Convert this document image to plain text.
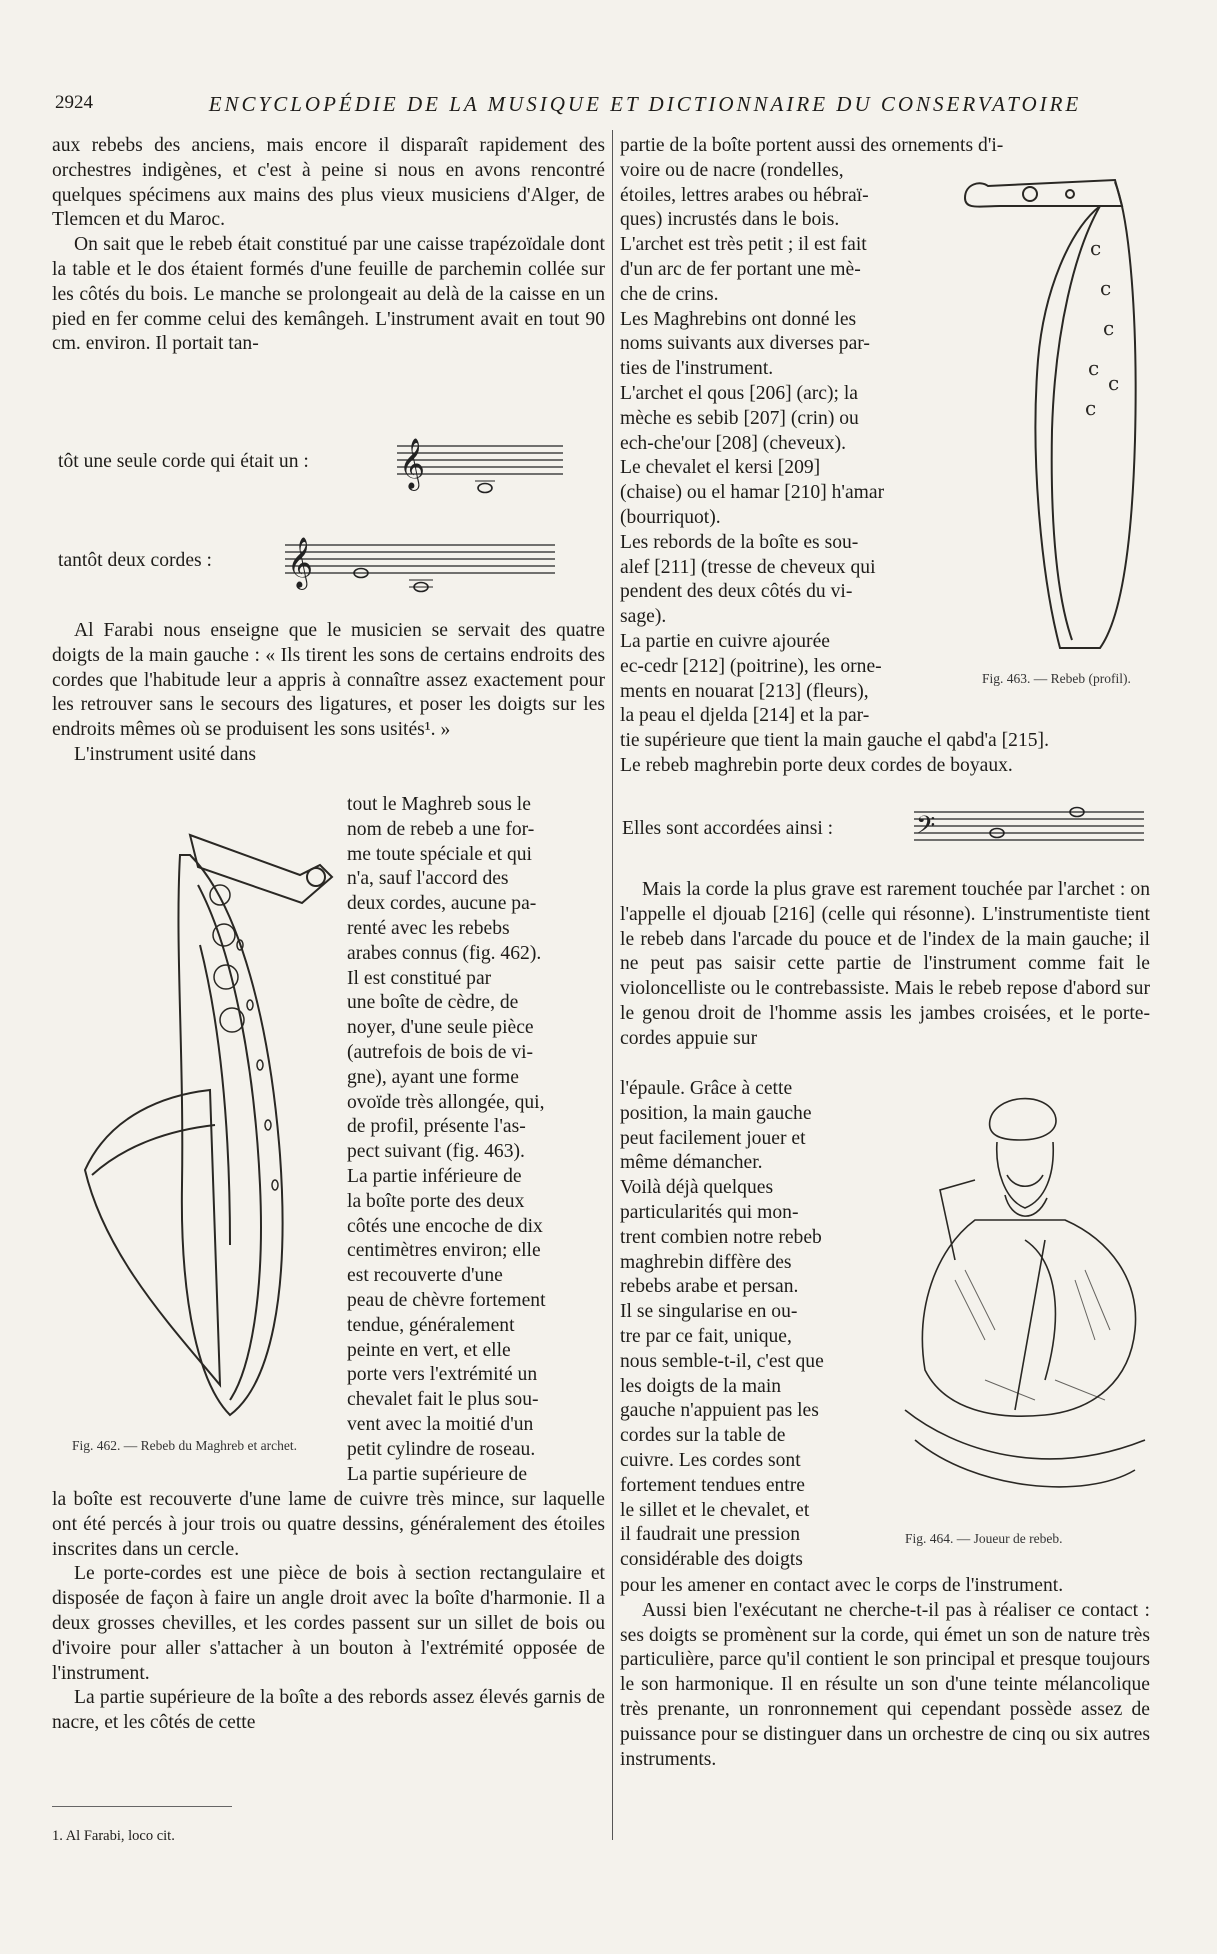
2924	ENCYCLOPÉDIE DE LA MUSIQUE ET DICTIONNAIRE DU CONSERVATOIRE

aux rebebs des anciens, mais encore il disparaît rapidement des orchestres indigènes, et c'est à peine si nous en avons rencontré quelques spécimens aux mains des plus vieux musiciens d'Alger, de Tlemcen et du Maroc.

On sait que le rebeb était constitué par une caisse trapézoïdale dont la table et le dos étaient formés d'une feuille de parchemin collée sur les côtés du bois. Le manche se prolongeait au delà de la caisse en un pied en fer comme celui des kemângeh. L'instrument avait en tout 90 cm. environ. Il portait tan-

tôt une seule corde qui était un : 𝄞
tantôt deux cordes : 𝄞

Al Farabi nous enseigne que le musicien se servait des quatre doigts de la main gauche : « Ils tirent les sons de certains endroits des cordes que l'habitude leur a appris à connaître assez exactement pour les retrouver sans le secours des ligatures, et poser les doigts sur les endroits mêmes où se produisent les sons usités¹. »

L'instrument usité dans

tout le Maghreb sous le
nom de rebeb a une for-
me toute spéciale et qui
n'a, sauf l'accord des
deux cordes, aucune pa-
renté avec les rebebs
arabes connus (fig. 462).
Il est constitué par
une boîte de cèdre, de
noyer, d'une seule pièce
(autrefois de bois de vi-
gne), ayant une forme
ovoïde très allongée, qui,
de profil, présente l'as-
pect suivant (fig. 463).
La partie inférieure de
la boîte porte des deux
côtés une encoche de dix
centimètres environ; elle
est recouverte d'une
peau de chèvre fortement
tendue, généralement
peinte en vert, et elle
porte vers l'extrémité un
chevalet fait le plus sou-
vent avec la moitié d'un
petit cylindre de roseau.
La partie supérieure de
Fig. 462. — Rebeb du Maghreb et archet.

la boîte est recouverte d'une lame de cuivre très mince, sur laquelle ont été percés à jour trois ou quatre dessins, généralement des étoiles inscrites dans un cercle.

Le porte-cordes est une pièce de bois à section rectangulaire et disposée de façon à faire un angle droit avec la boîte d'harmonie. Il a deux grosses chevilles, et les cordes passent sur un sillet de bois ou d'ivoire pour aller s'attacher à un bouton à l'extrémité opposée de l'instrument.

La partie supérieure de la boîte a des rebords assez élevés garnis de nacre, et les côtés de cette

1. Al Farabi, loco cit.
partie de la boîte portent aussi des ornements d'i-
voire ou de nacre (rondelles,
étoiles, lettres arabes ou hébraï-
ques) incrustés dans le bois.
L'archet est très petit ; il est fait
d'un arc de fer portant une mè-
che de crins.
Les Maghrebins ont donné les
noms suivants aux diverses par-
ties de l'instrument.
L'archet el qous [206] (arc); la
mèche es sebib [207] (crin) ou
ech-che'our [208] (cheveux).
Le chevalet el kersi [209]
(chaise) ou el hamar [210] h'amar
(bourriquot).
Les rebords de la boîte es sou-
alef [211] (tresse de cheveux qui
pendent des deux côtés du vi-
sage).
La partie en cuivre ajourée
ec-cedr [212] (poitrine), les orne-
ments en nouarat [213] (fleurs),
la peau el djelda [214] et la par-
tie supérieure que tient la main gauche el qabd'a [215].
Le rebeb maghrebin porte deux cordes de boyaux.
c
c
c
c
c
c
Fig. 463. — Rebeb (profil).
Elles sont accordées ainsi :	𝄢

Mais la corde la plus grave est rarement touchée par l'archet : on l'appelle el djouab [216] (celle qui résonne). L'instrumentiste tient le rebeb dans l'arcade du pouce et de l'index de la main gauche; il ne peut pas saisir cette partie de l'instrument comme fait le violoncelliste ou le contrebassiste. Mais le rebeb repose d'abord sur le genou droit de l'homme assis les jambes croisées, et le porte-cordes appuie sur

l'épaule. Grâce à cette
position, la main gauche
peut facilement jouer et
même démancher.
Voilà déjà quelques
particularités qui mon-
trent combien notre rebeb
maghrebin diffère des
rebebs arabe et persan.
Il se singularise en ou-
tre par ce fait, unique,
nous semble-t-il, c'est que
les doigts de la main
gauche n'appuient pas les
cordes sur la table de
cuivre. Les cordes sont
fortement tendues entre
le sillet et le chevalet, et
il faudrait une pression
considérable des doigts
Fig. 464. — Joueur de rebeb.

pour les amener en contact avec le corps de l'instrument.

Aussi bien l'exécutant ne cherche-t-il pas à réaliser ce contact : ses doigts se promènent sur la corde, qui émet un son de nature très particulière, parce qu'il contient le son principal et presque toujours le son harmonique. Il en résulte un son d'une teinte mélancolique très prenante, un ronronnement qui cependant possède assez de puissance pour se distinguer dans un orchestre de cinq ou six autres instruments.
